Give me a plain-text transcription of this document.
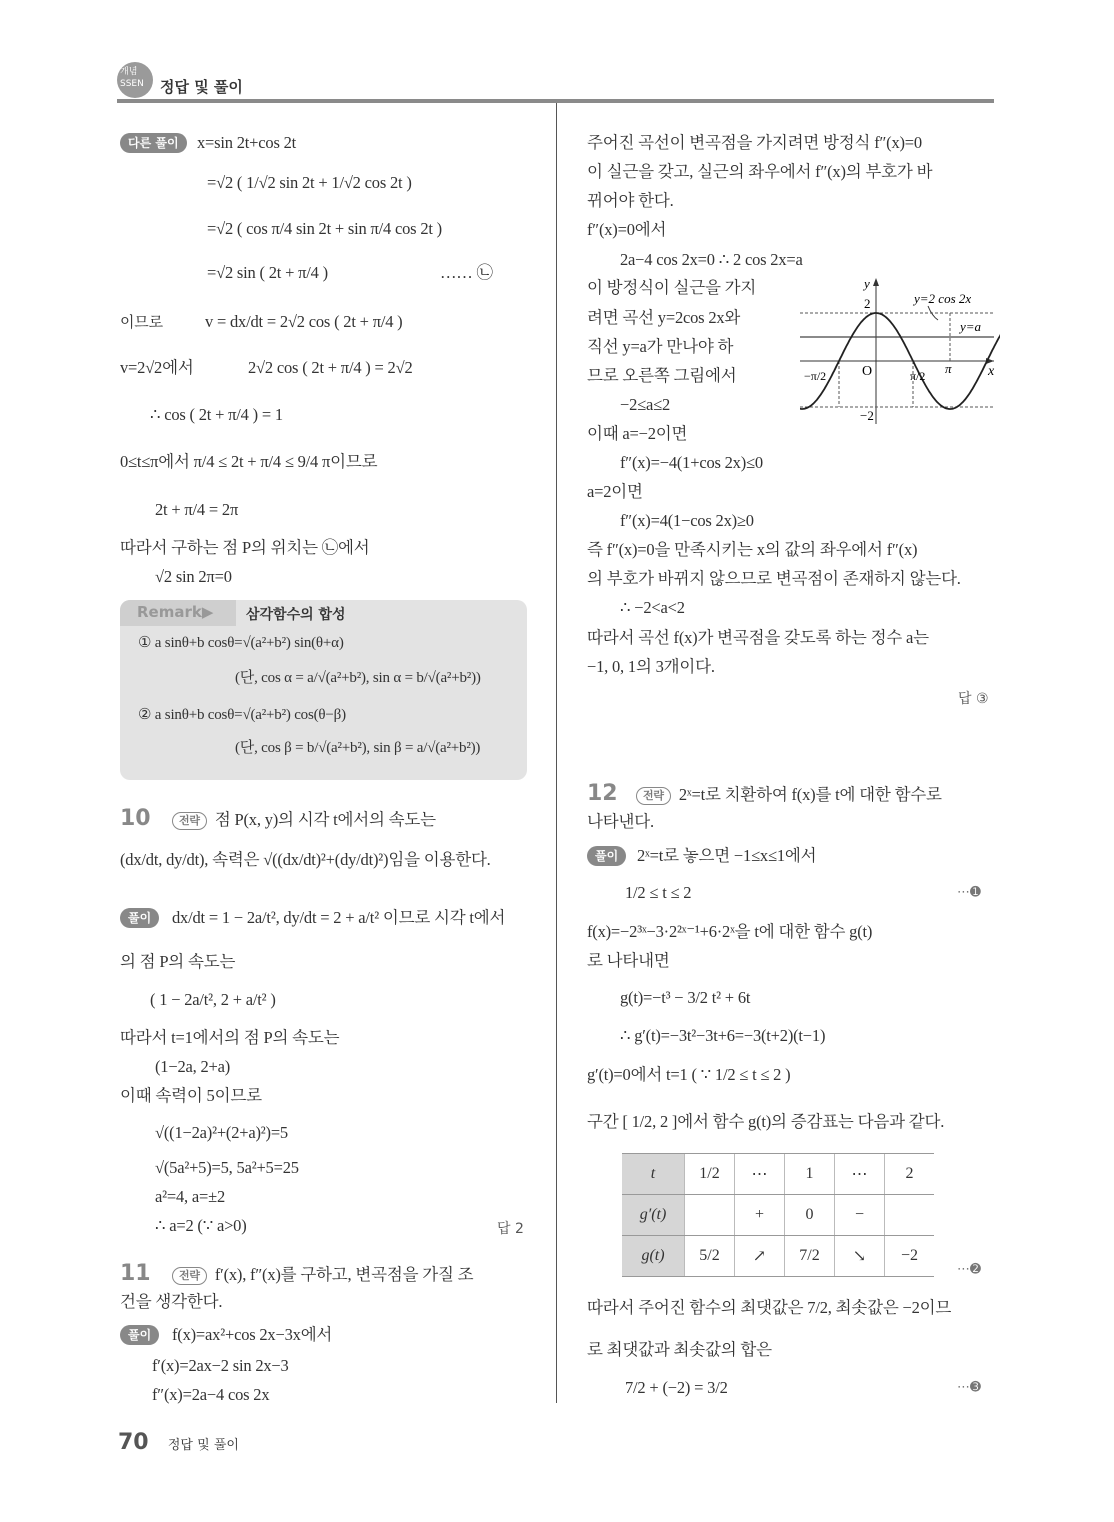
개념
SSEN	정답 및 풀이
다른 풀이	x=sin 2t+cos 2t
=√2 ( 1/√2 sin 2t + 1/√2 cos 2t )
=√2 ( cos π/4 sin 2t + sin π/4 cos 2t )
=√2 sin ( 2t + π/4 )	…… ㉡
이므로	v = dx/dt = 2√2 cos ( 2t + π/4 )
v=2√2에서	2√2 cos ( 2t + π/4 ) = 2√2
∴ cos ( 2t + π/4 ) = 1
0≤t≤π에서 π/4 ≤ 2t + π/4 ≤ 9/4 π이므로
2t + π/4 = 2π
따라서 구하는 점 P의 위치는 ㉡에서
√2 sin 2π=0
Remark▶ 삼각함수의 합성
① a sinθ+b cosθ=√(a²+b²) sin(θ+α)
(단, cos α = a/√(a²+b²), sin α = b/√(a²+b²))
② a sinθ+b cosθ=√(a²+b²) cos(θ−β)
(단, cos β = b/√(a²+b²), sin β = a/√(a²+b²))
10	전략 점 P(x, y)의 시각 t에서의 속도는
(dx/dt, dy/dt), 속력은 √((dx/dt)²+(dy/dt)²)임을 이용한다.
풀이	dx/dt = 1 − 2a/t², dy/dt = 2 + a/t² 이므로 시각 t에서
의 점 P의 속도는
( 1 − 2a/t², 2 + a/t² )
따라서 t=1에서의 점 P의 속도는
(1−2a, 2+a)
이때 속력이 5이므로
√((1−2a)²+(2+a)²)=5
√(5a²+5)=5, 5a²+5=25
a²=4, a=±2
∴ a=2 (∵ a>0)	답 2
11	전략 f′(x), f″(x)를 구하고, 변곡점을 가질 조
건을 생각한다.
풀이	f(x)=ax²+cos 2x−3x에서
f′(x)=2ax−2 sin 2x−3
f″(x)=2a−4 cos 2x
주어진 곡선이 변곡점을 가지려면 방정식 f″(x)=0
이 실근을 갖고, 실근의 좌우에서 f″(x)의 부호가 바
뀌어야 한다.
f″(x)=0에서
2a−4 cos 2x=0 ∴ 2 cos 2x=a
이 방정식이 실근을 가지
려면 곡선 y=2cos 2x와
직선 y=a가 만나야 하
므로 오른쪽 그림에서
−2≤a≤2
이때 a=−2이면
f″(x)=−4(1+cos 2x)≤0
a=2이면
f″(x)=4(1−cos 2x)≥0
즉 f″(x)=0을 만족시키는 x의 값의 좌우에서 f″(x)
의 부호가 바뀌지 않으므로 변곡점이 존재하지 않는다.
∴ −2<a<2
따라서 곡선 f(x)가 변곡점을 갖도록 하는 정수 a는
−1, 0, 1의 3개이다.
답 ③
y
x
O
2
−2
−π/2	π/2 π
y=2 cos 2x
y=a
12	전략 2ˣ=t로 치환하여 f(x)를 t에 대한 함수로
나타낸다.
풀이	2ˣ=t로 놓으면 −1≤x≤1에서
1/2 ≤ t ≤ 2	⋯➊
f(x)=−2³ˣ−3·2²ˣ⁻¹+6·2ˣ을 t에 대한 함수 g(t)
로 나타내면
g(t)=−t³ − 3/2 t² + 6t
∴ g′(t)=−3t²−3t+6=−3(t+2)(t−1)
g′(t)=0에서 t=1 ( ∵ 1/2 ≤ t ≤ 2 )
구간 [ 1/2, 2 ]에서 함수 g(t)의 증감표는 다음과 같다.
t	1/2	⋯	1	⋯	2
g′(t)		+	0	−	
g(t)	5/2	↗	7/2	↘	−2
⋯➋
따라서 주어진 함수의 최댓값은 7/2, 최솟값은 −2이므
로 최댓값과 최솟값의 합은
7/2 + (−2) = 3/2	⋯➌
70 정답 및 풀이
